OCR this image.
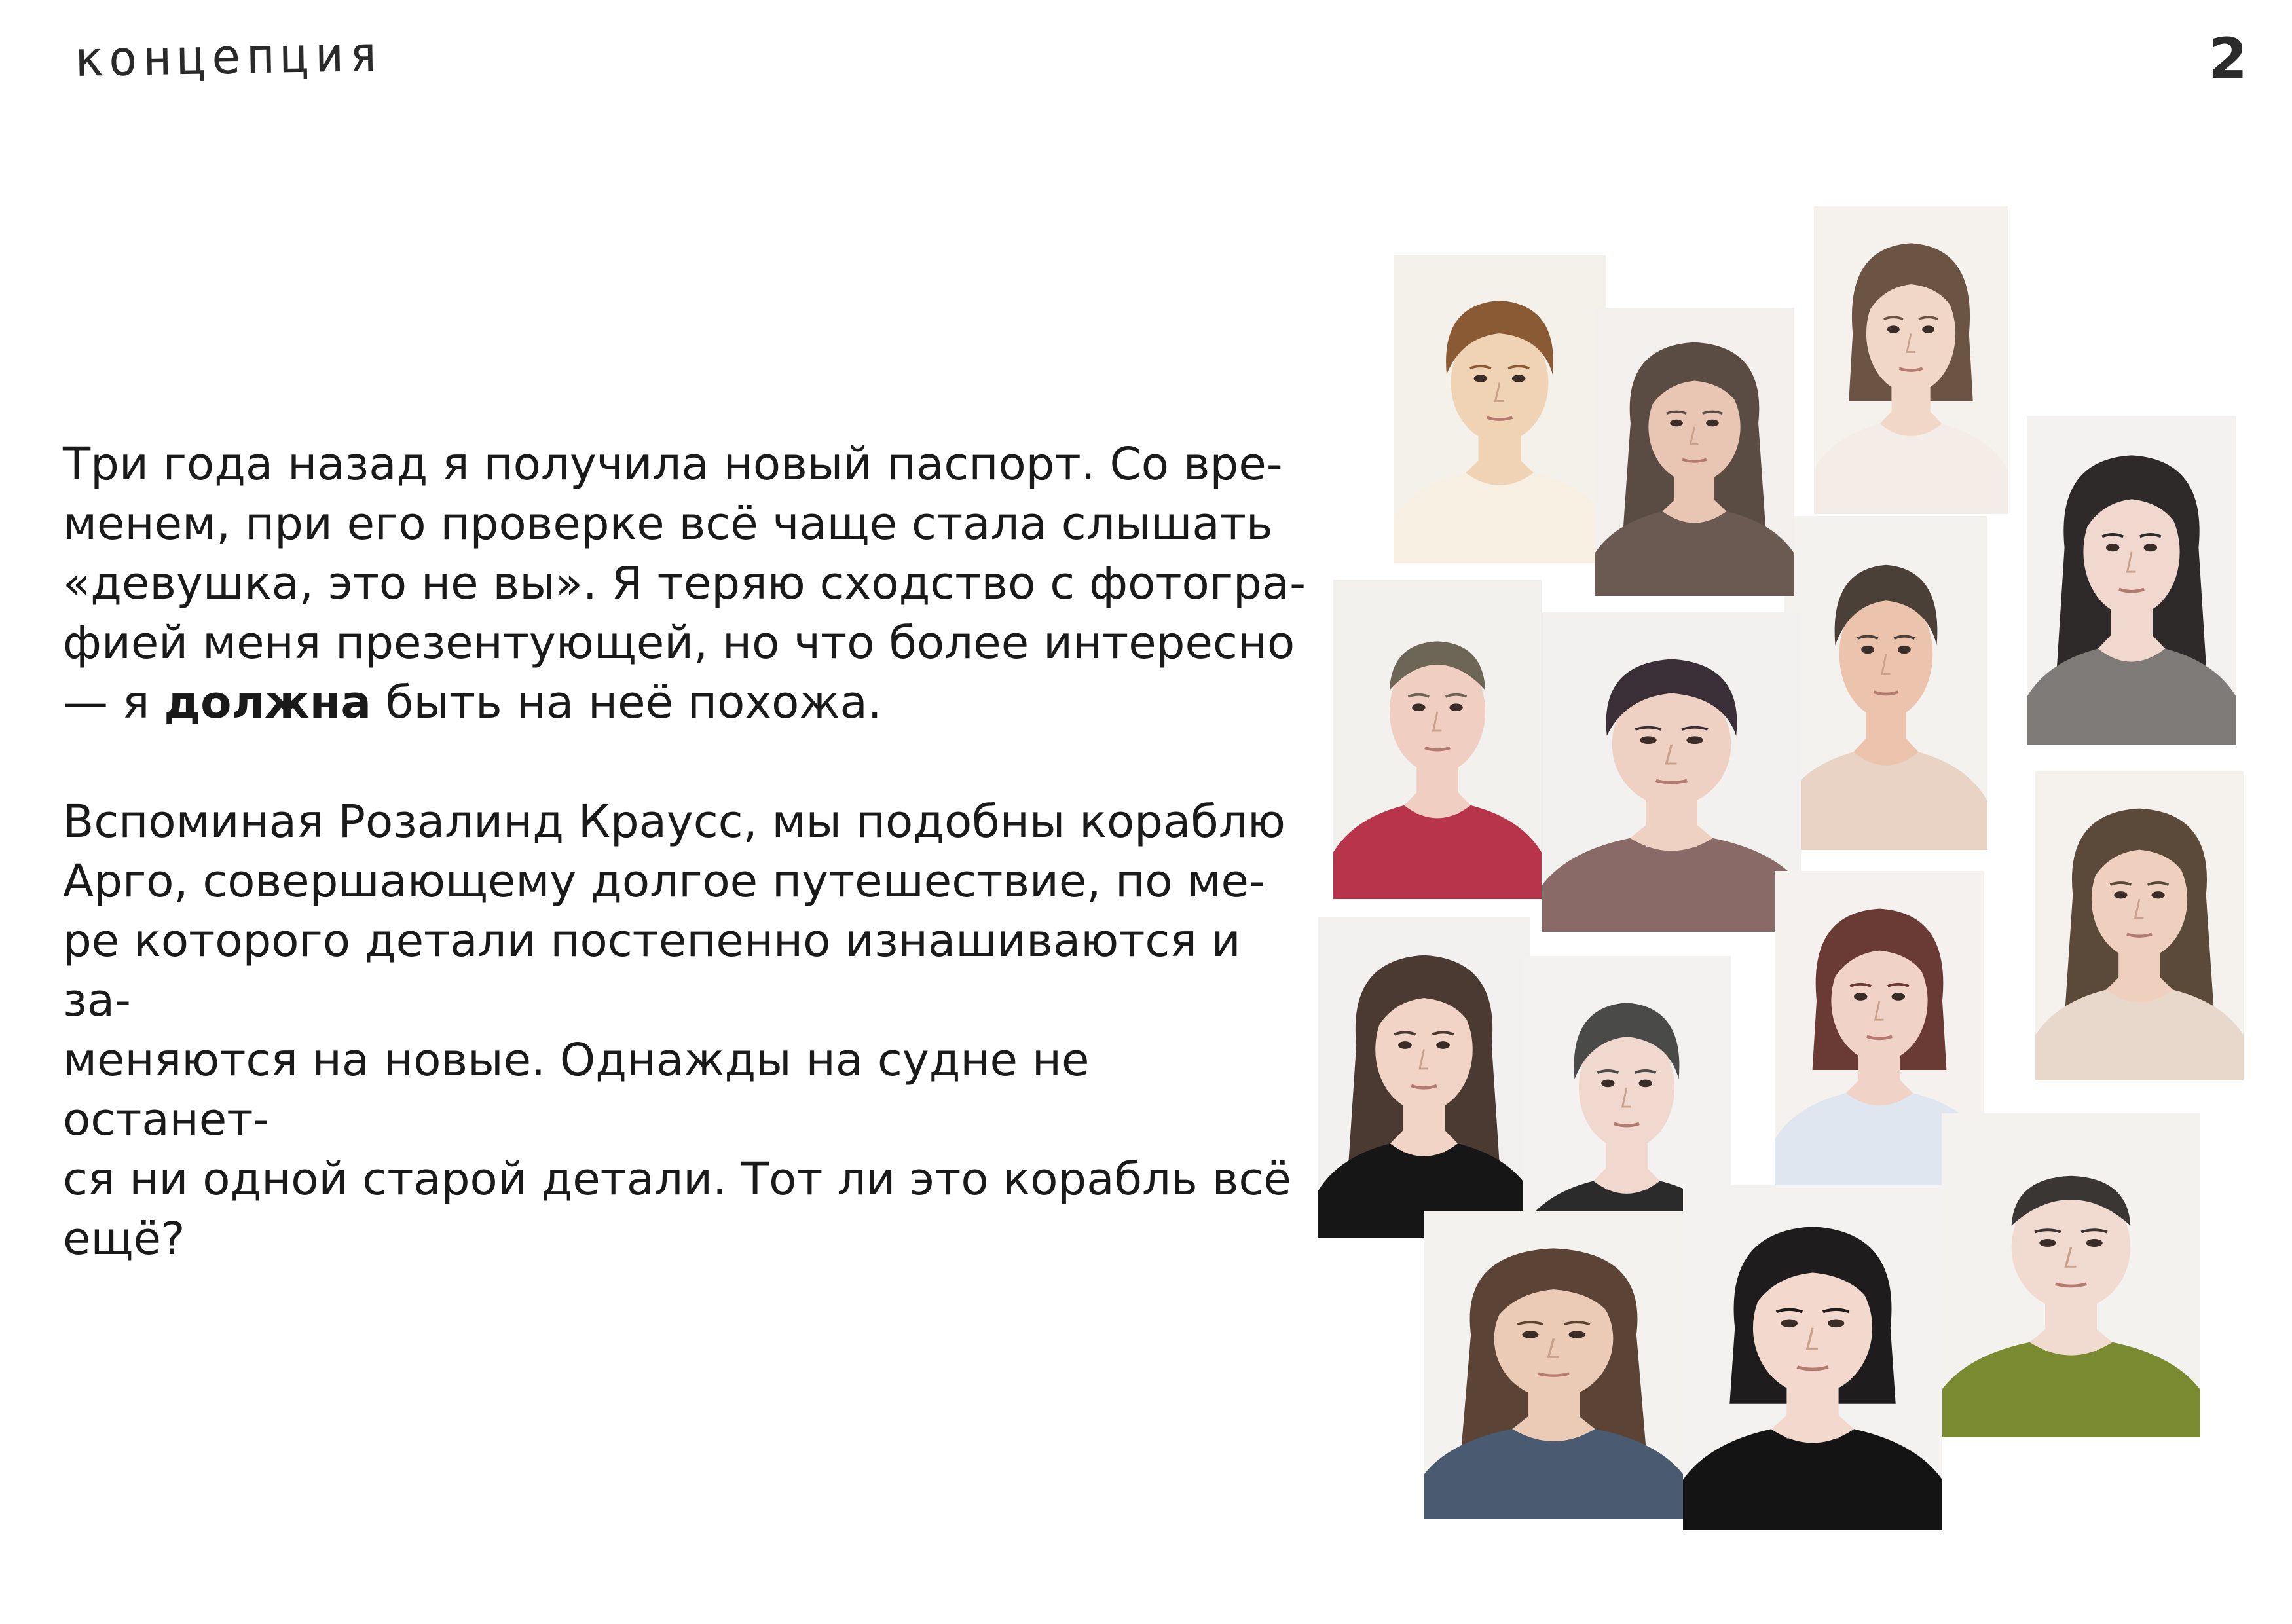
концепция	2

Три года назад я получила новый паспорт. Со вре-
менем, при его проверке всё чаще стала слышать
«девушка, это не вы». Я теряю сходство с фотогра-
фией меня презентующей, но что более интересно
— я должна быть на неё похожа.

Вспоминая Розалинд Краусс, мы подобны кораблю
Арго, совершающему долгое путешествие, по ме-
ре которого детали постепенно изнашиваются и за-
меняются на новые. Однажды на судне не останет-
ся ни одной старой детали. Тот ли это корабль всё
ещё?
